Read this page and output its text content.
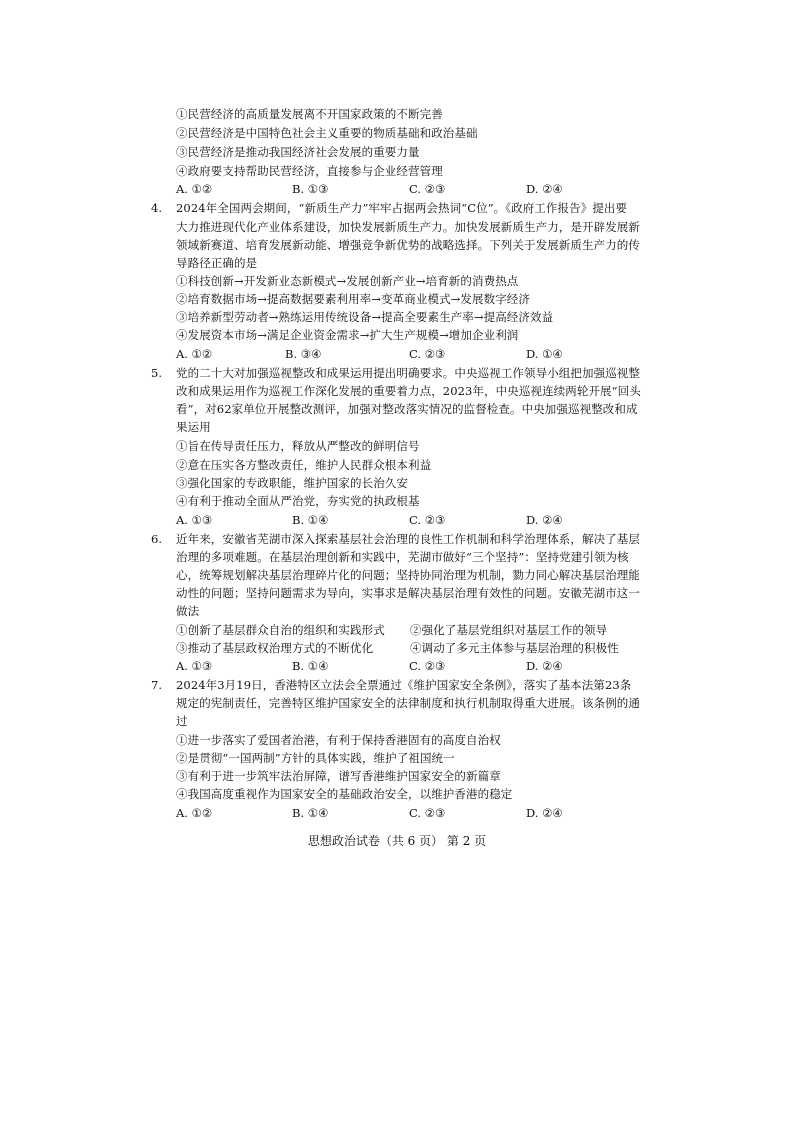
①民营经济的高质量发展离不开国家政策的不断完善
②民营经济是中国特色社会主义重要的物质基础和政治基础
③民营经济是推动我国经济社会发展的重要力量
④政府要支持帮助民营经济，直接参与企业经营管理
A. ①②	B. ①③	C. ②③	D. ②④
4. 2024年全国两会期间，“新质生产力”牢牢占据两会热词“C位”。《政府工作报告》提出要
大力推进现代化产业体系建设，加快发展新质生产力。加快发展新质生产力，是开辟发展新
领域新赛道、培育发展新动能、增强竞争新优势的战略选择。下列关于发展新质生产力的传
导路径正确的是
①科技创新→开发新业态新模式→发展创新产业→培育新的消费热点
②培育数据市场→提高数据要素利用率→变革商业模式→发展数字经济
③培养新型劳动者→熟练运用传统设备→提高全要素生产率→提高经济效益
④发展资本市场→满足企业资金需求→扩大生产规模→增加企业利润
A. ①②	B. ③④	C. ②③	D. ①④
5. 党的二十大对加强巡视整改和成果运用提出明确要求。中央巡视工作领导小组把加强巡视整
改和成果运用作为巡视工作深化发展的重要着力点，2023年，中央巡视连续两轮开展“回头
看”，对62家单位开展整改测评，加强对整改落实情况的监督检查。中央加强巡视整改和成
果运用
①旨在传导责任压力，释放从严整改的鲜明信号
②意在压实各方整改责任，维护人民群众根本利益
③强化国家的专政职能，维护国家的长治久安
④有利于推动全面从严治党，夯实党的执政根基
A. ①③	B. ①④	C. ②③	D. ②④
6. 近年来，安徽省芜湖市深入探索基层社会治理的良性工作机制和科学治理体系，解决了基层
治理的多项难题。在基层治理创新和实践中，芜湖市做好“三个坚持”：坚持党建引领为核
心，统筹规划解决基层治理碎片化的问题；坚持协同治理为机制，勠力同心解决基层治理能
动性的问题；坚持问题需求为导向，实事求是解决基层治理有效性的问题。安徽芜湖市这一
做法
①创新了基层群众自治的组织和实践形式 ②强化了基层党组织对基层工作的领导
③推动了基层政权治理方式的不断优化	④调动了多元主体参与基层治理的积极性
A. ①③	B. ①④	C. ②③	D. ②④
7. 2024年3月19日，香港特区立法会全票通过《维护国家安全条例》，落实了基本法第23条
规定的宪制责任，完善特区维护国家安全的法律制度和执行机制取得重大进展。该条例的通
过
①进一步落实了爱国者治港，有利于保持香港固有的高度自治权
②是贯彻“一国两制”方针的具体实践，维护了祖国统一
③有利于进一步筑牢法治屏障，谱写香港维护国家安全的新篇章
④我国高度重视作为国家安全的基础政治安全，以维护香港的稳定
A. ①②	B. ①④	C. ②③	D. ②④
思想政治试卷（共 6 页） 第 2 页
